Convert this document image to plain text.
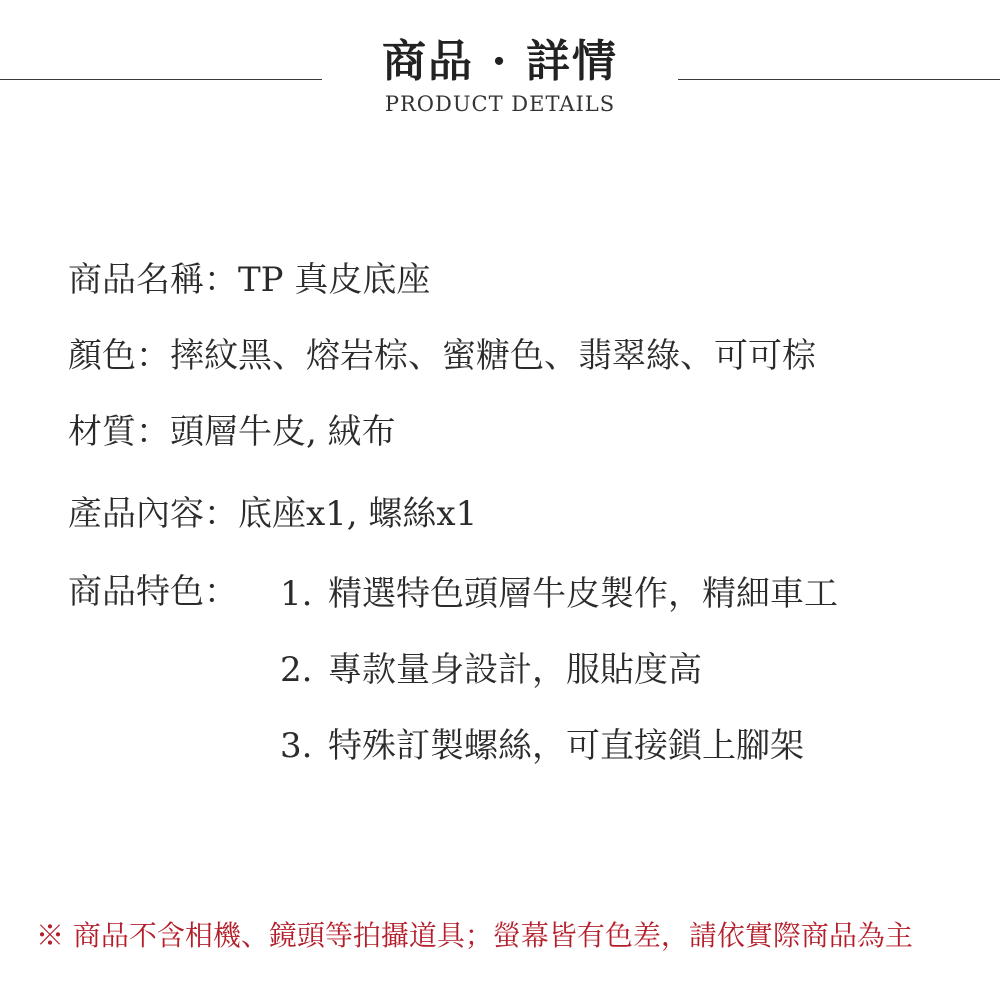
商品 · 詳情
PRODUCT DETAILS
商品名稱：TP 真皮底座
顏色：摔紋黑、熔岩棕、蜜糖色、翡翠綠、可可棕
材質：頭層牛皮, 絨布
產品內容：底座x1, 螺絲x1
商品特色： 1. 精選特色頭層牛皮製作，精細車工
2. 專款量身設計，服貼度高
3. 特殊訂製螺絲，可直接鎖上腳架
※ 商品不含相機、鏡頭等拍攝道具；螢幕皆有色差，請依實際商品為主
